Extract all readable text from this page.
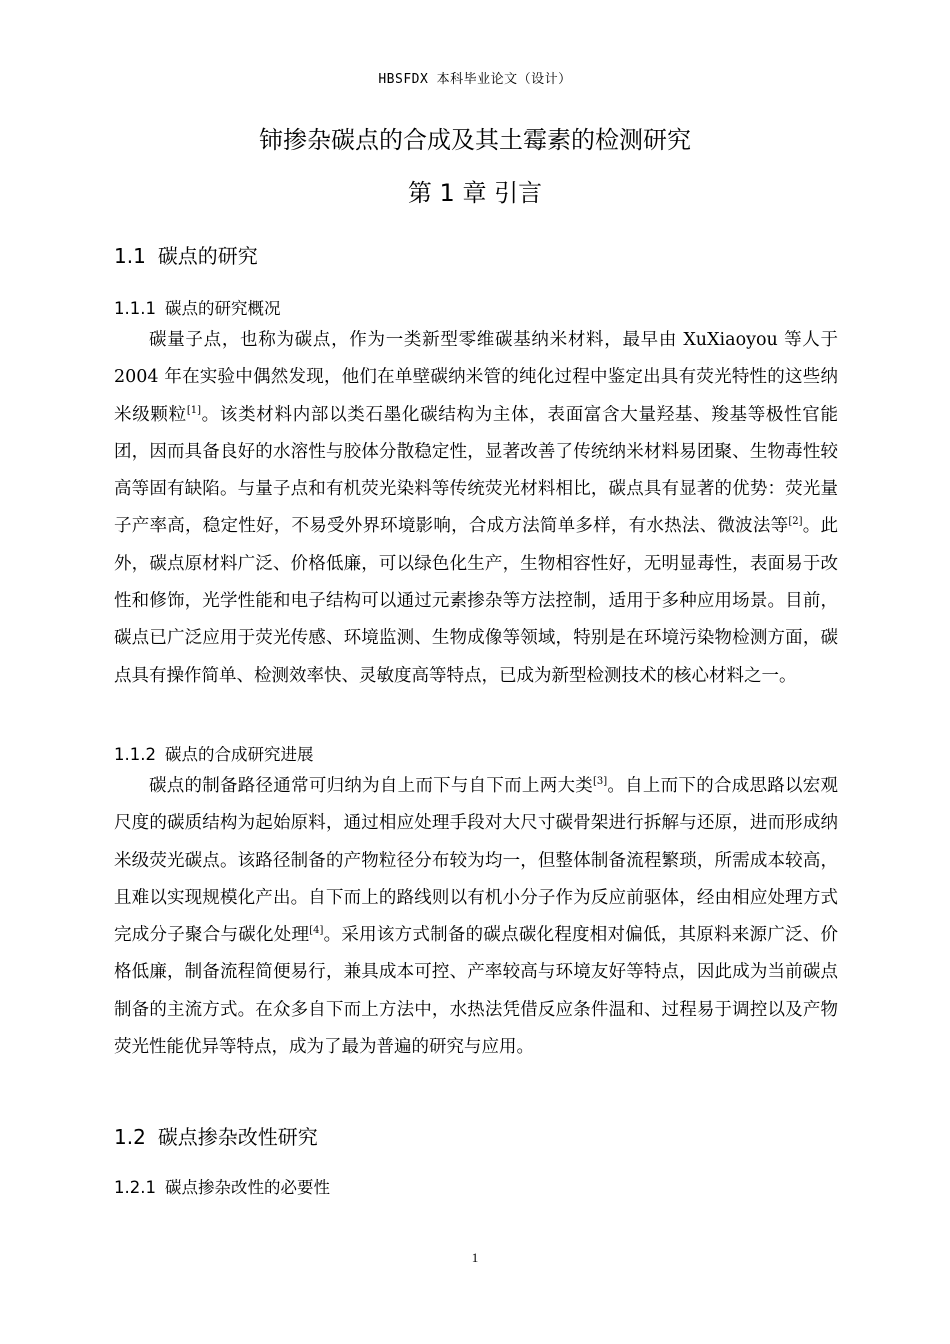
HBSFDX 本科毕业论文（设计）
铈掺杂碳点的合成及其土霉素的检测研究
第 1 章 引言
1.1 碳点的研究
1.1.1 碳点的研究概况

碳量子点，也称为碳点，作为一类新型零维碳基纳米材料，最早由 XuXiaoyou 等人于 2004 年在实验中偶然发现，他们在单壁碳纳米管的纯化过程中鉴定出具有荧光特性的这些纳米级颗粒[1]。该类材料内部以类石墨化碳结构为主体，表面富含大量羟基、羧基等极性官能团，因而具备良好的水溶性与胶体分散稳定性，显著改善了传统纳米材料易团聚、生物毒性较高等固有缺陷。与量子点和有机荧光染料等传统荧光材料相比，碳点具有显著的优势：荧光量子产率高，稳定性好，不易受外界环境影响，合成方法简单多样，有水热法、微波法等[2]。此外，碳点原材料广泛、价格低廉，可以绿色化生产，生物相容性好，无明显毒性，表面易于改性和修饰，光学性能和电子结构可以通过元素掺杂等方法控制，适用于多种应用场景。目前，碳点已广泛应用于荧光传感、环境监测、生物成像等领域，特别是在环境污染物检测方面，碳点具有操作简单、检测效率快、灵敏度高等特点，已成为新型检测技术的核心材料之一。

1.1.2 碳点的合成研究进展

碳点的制备路径通常可归纳为自上而下与自下而上两大类[3]。自上而下的合成思路以宏观尺度的碳质结构为起始原料，通过相应处理手段对大尺寸碳骨架进行拆解与还原，进而形成纳米级荧光碳点。该路径制备的产物粒径分布较为均一，但整体制备流程繁琐，所需成本较高，且难以实现规模化产出。自下而上的路线则以有机小分子作为反应前驱体，经由相应处理方式完成分子聚合与碳化处理[4]。采用该方式制备的碳点碳化程度相对偏低，其原料来源广泛、价格低廉，制备流程简便易行，兼具成本可控、产率较高与环境友好等特点，因此成为当前碳点制备的主流方式。在众多自下而上方法中，水热法凭借反应条件温和、过程易于调控以及产物荧光性能优异等特点，成为了最为普遍的研究与应用。

1.2 碳点掺杂改性研究
1.2.1 碳点掺杂改性的必要性
1
